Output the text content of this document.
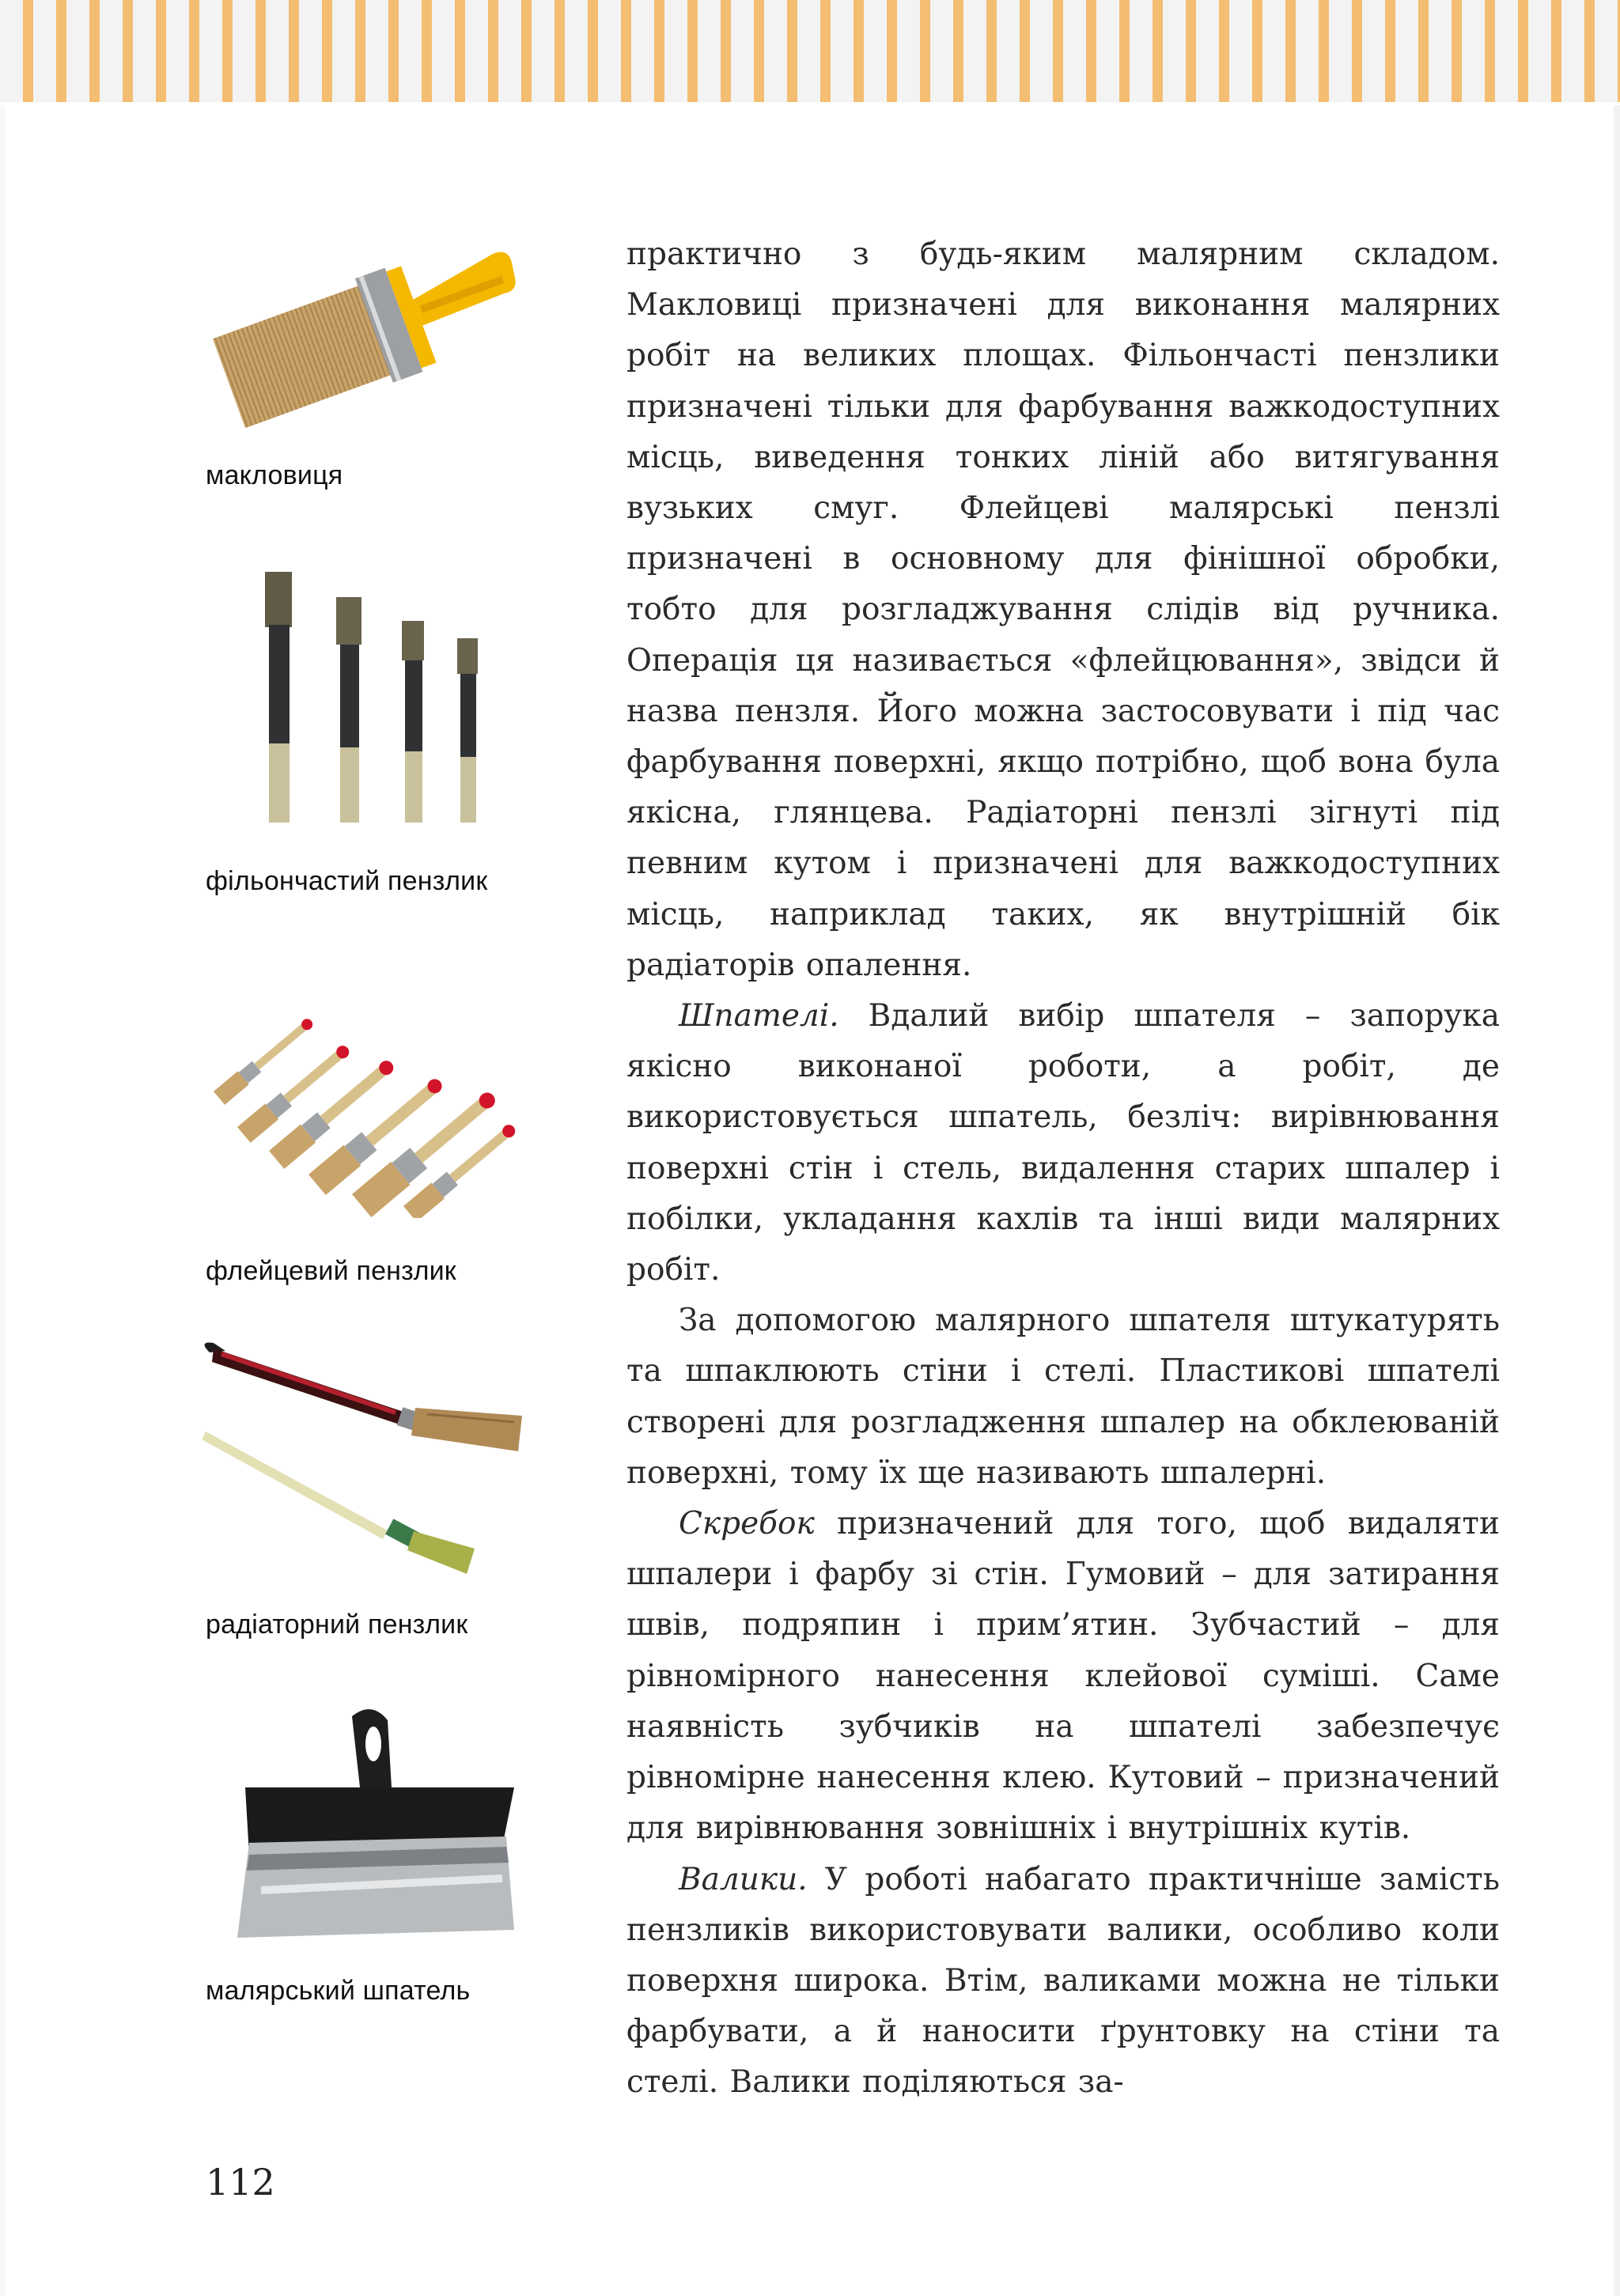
макловиця
фільончастий пензлик
флейцевий пензлик
радіаторний пензлик
малярський шпатель

практично з будь-яким малярним складом. Макловиці призначені для виконання малярних робіт на великих площах. Фільончасті пензлики призначені тільки для фарбування важкодоступних місць, виведення тонких ліній або витягування вузьких смуг. Флейцеві малярські пензлі призначені в основному для фінішної обробки, тобто для розгладжування слідів від ручника. Операція ця називається «флейцювання», звідси й назва пензля. Його можна застосовувати і під час фарбування поверхні, якщо потрібно, щоб вона була якісна, глянцева. Радіаторні пензлі зігнуті під певним кутом і призначені для важкодоступних місць, наприклад таких, як внутрішній бік радіаторів опалення.

Шпателі. Вдалий вибір шпателя – запорука якісно виконаної роботи, а робіт, де використовується шпатель, безліч: вирівнювання поверхні стін і стель, видалення старих шпалер і побілки, укладання кахлів та інші види малярних робіт.

За допомогою малярного шпателя штукатурять та шпаклюють стіни і стелі. Пластикові шпателі створені для розгладження шпалер на обклеюваній поверхні, тому їх ще називають шпалерні.

Скребок призначений для того, щоб видаляти шпалери і фарбу зі стін. Гумовий – для затирання швів, подряпин і прим’ятин. Зубчастий – для рівномірного нанесення клейової суміші. Саме наявність зубчиків на шпателі забезпечує рівномірне нанесення клею. Кутовий – призначений для вирівнювання зовнішніх і внутрішніх кутів.

Валики. У роботі набагато практичніше замість пензликів використовувати валики, особливо коли поверхня широка. Втім, валиками можна не тільки фарбувати, а й наносити ґрунтовку на стіни та стелі. Валики поділяються за-

112
